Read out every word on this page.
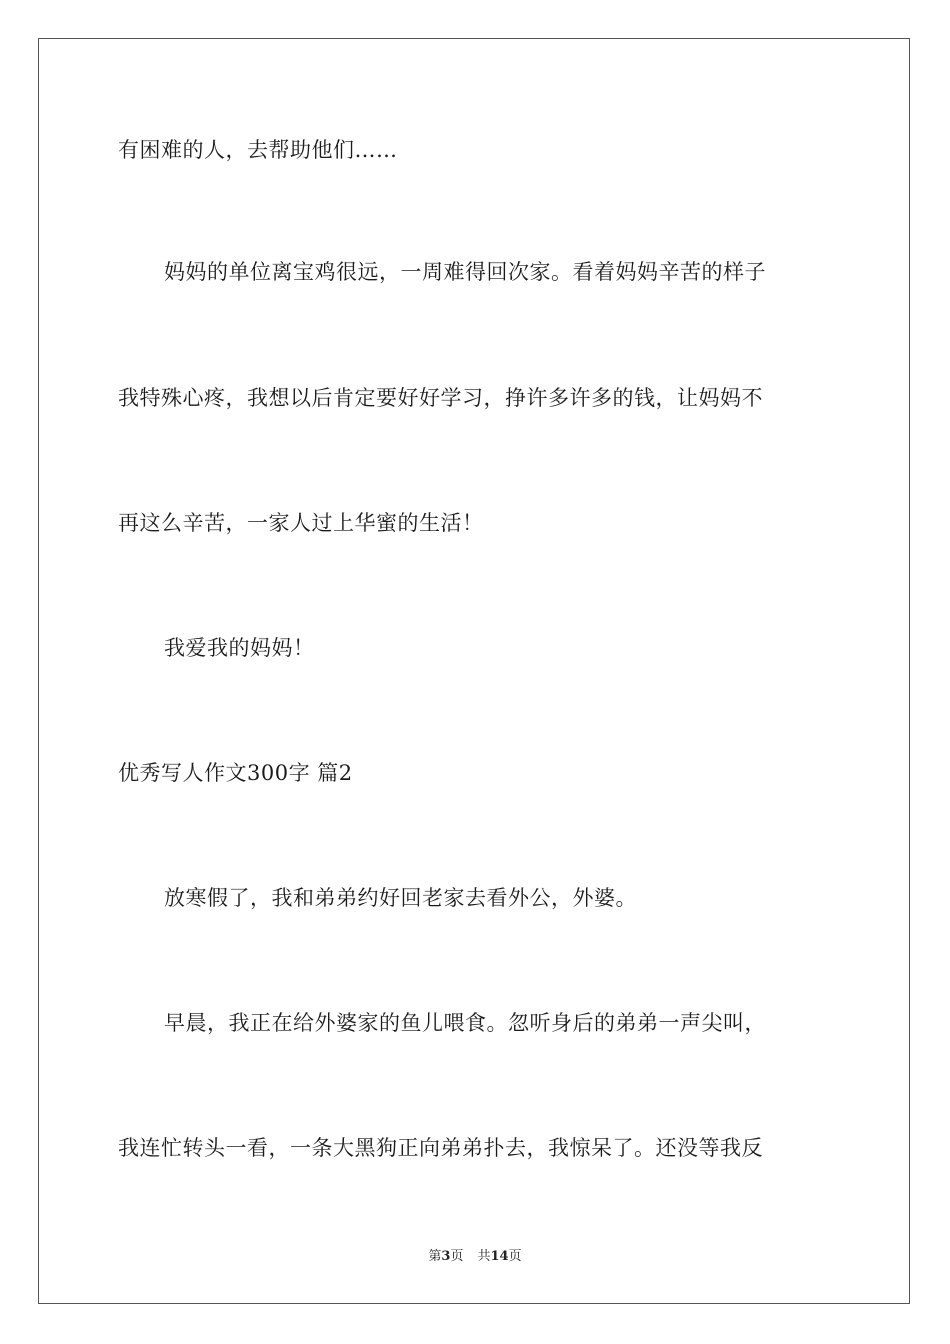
有困难的人，去帮助他们……
妈妈的单位离宝鸡很远，一周难得回次家。看着妈妈辛苦的样子
我特殊心疼，我想以后肯定要好好学习，挣许多许多的钱，让妈妈不
再这么辛苦，一家人过上华蜜的生活！
我爱我的妈妈！
优秀写人作文300字 篇2
放寒假了，我和弟弟约好回老家去看外公，外婆。
早晨，我正在给外婆家的鱼儿喂食。忽听身后的弟弟一声尖叫，
我连忙转头一看，一条大黑狗正向弟弟扑去，我惊呆了。还没等我反
第3页 共14页
